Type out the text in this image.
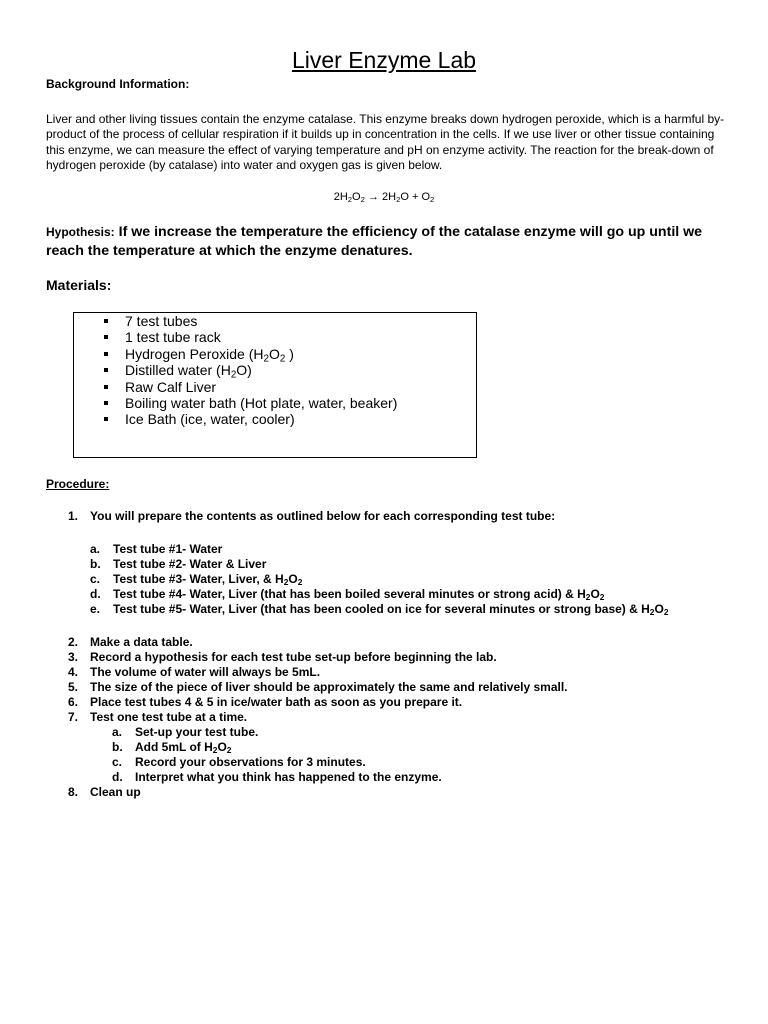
Liver Enzyme Lab
Background Information:
Liver and other living tissues contain the enzyme catalase. This enzyme breaks down hydrogen peroxide, which is a harmful by-product of the process of cellular respiration if it builds up in concentration in the cells. If we use liver or other tissue containing this enzyme, we can measure the effect of varying temperature and pH on enzyme activity. The reaction for the break-down of hydrogen peroxide (by catalase) into water and oxygen gas is given below.
$2H_2O_2 \to 2H_2O + O_2$
Hypothesis: If we increase the temperature the efficiency of the catalase enzyme will go up until we reach the temperature at which the enzyme denatures.
Materials:
7 test tubes
1 test tube rack
Hydrogen Peroxide ($H_2O_2$ )
Distilled water $(H_2O)$
Raw Calf Liver
Boiling water bath (Hot plate, water, beaker)
Ice Bath (ice, water, cooler)
Procedure:
1. You will prepare the contents as outlined below for each corresponding test tube:
a. Test tube #1- Water
b. Test tube #2- Water & Liver
c. Test tube #3- Water, Liver, & $H_2O_2$
d. Test tube #4- Water, Liver (that has been boiled several minutes or strong acid) & $H_2O_2$
e. Test tube #5- Water, Liver (that has been cooled on ice for several minutes or strong base) & $H_2O_2$
2. Make a data table.
3. Record a hypothesis for each test tube set-up before beginning the lab.
4. The volume of water will always be 5mL.
5. The size of the piece of liver should be approximately the same and relatively small.
6. Place test tubes 4 & 5 in ice/water bath as soon as you prepare it.
7. Test one test tube at a time.
a. Set-up your test tube.
b. Add 5mL of $H_2O_2$
c. Record your observations for 3 minutes.
d. Interpret what you think has happened to the enzyme.
8. Clean up
